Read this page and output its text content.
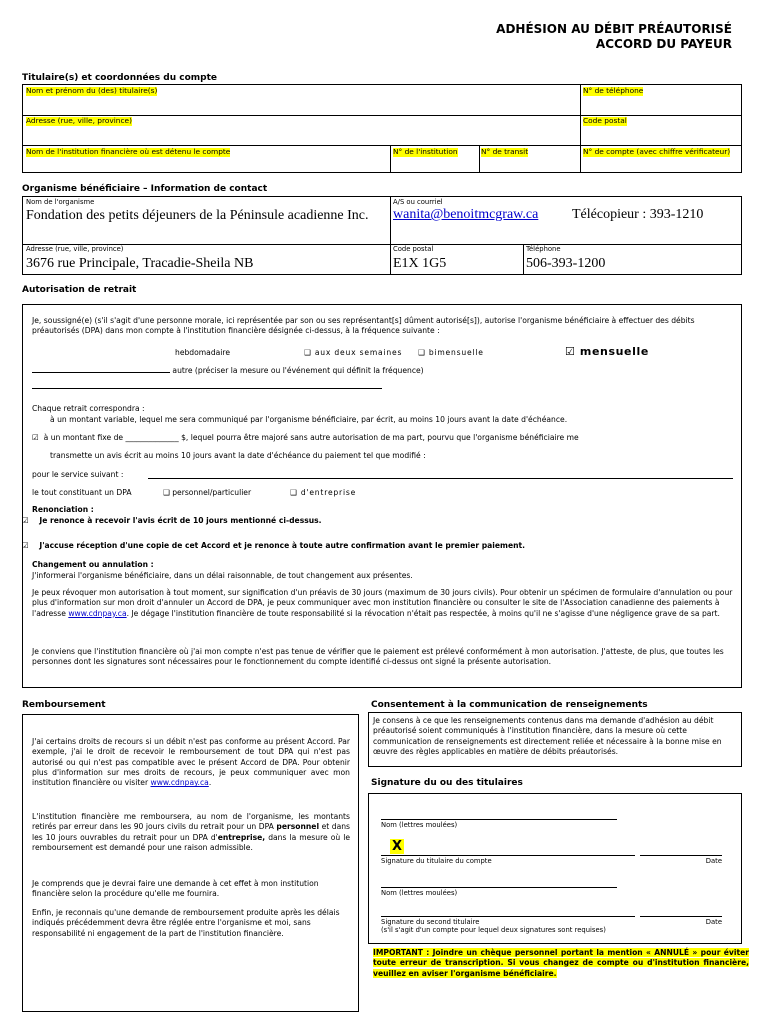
ADHÉSION AU DÉBIT PRÉAUTORISÉ
ACCORD DU PAYEUR
Titulaire(s) et coordonnées du compte
Nom et prénom du (des) titulaire(s)	N° de téléphone
Adresse (rue, ville, province)	Code postal
Nom de l'institution financière où est détenu le compte	N° de l'institution	N° de transit	N° de compte (avec chiffre vérificateur)
Organisme bénéficiaire – Information de contact
Nom de l'organisme
Fondation des petits déjeuners de la Péninsule acadienne Inc.
A/S ou courriel
wanita@benoitmcgraw.ca Télécopieur : 393-1210
Adresse (rue, ville, province)
3676 rue Principale, Tracadie-Sheila NB
Code postal
E1X 1G5
Téléphone
506-393-1200
Autorisation de retrait
Je, soussigné(e) (s'il s'agit d'une personne morale, ici représentée par son ou ses représentant[s] dûment autorisé[s]), autorise l'organisme bénéficiaire à effectuer des débits préautorisés (DPA) dans mon compte à l'institution financière désignée ci-dessus, à la fréquence suivante :
hebdomadaire	❑ aux deux semaines ❑ bimensuelle	☑ mensuelle
autre (préciser la mesure ou l'événement qui définit la fréquence)
Chaque retrait correspondra :
à un montant variable, lequel me sera communiqué par l'organisme bénéficiaire, par écrit, au moins 10 jours avant la date d'échéance.
☑ à un montant fixe de ______________ $, lequel pourra être majoré sans autre autorisation de ma part, pourvu que l'organisme bénéficiaire me
transmette un avis écrit au moins 10 jours avant la date d'échéance du paiement tel que modifié :
pour le service suivant :
le tout constituant un DPA	❑ personnel/particulier	❑ d'entreprise
Renonciation :
☑ Je renonce à recevoir l'avis écrit de 10 jours mentionné ci-dessus.
☑ J'accuse réception d'une copie de cet Accord et je renonce à toute autre confirmation avant le premier paiement.
Changement ou annulation :
J'informerai l'organisme bénéficiaire, dans un délai raisonnable, de tout changement aux présentes.
Je peux révoquer mon autorisation à tout moment, sur signification d'un préavis de 30 jours (maximum de 30 jours civils). Pour obtenir un spécimen de formulaire d'annulation ou pour plus d'information sur mon droit d'annuler un Accord de DPA, je peux communiquer avec mon institution financière ou consulter le site de l'Association canadienne des paiements à l'adresse www.cdnpay.ca. Je dégage l'institution financière de toute responsabilité si la révocation n'était pas respectée, à moins qu'il ne s'agisse d'une négligence grave de sa part.
Je conviens que l'institution financière où j'ai mon compte n'est pas tenue de vérifier que le paiement est prélevé conformément à mon autorisation. J'atteste, de plus, que toutes les personnes dont les signatures sont nécessaires pour le fonctionnement du compte identifié ci-dessus ont signé la présente autorisation.
Remboursement
J'ai certains droits de recours si un débit n'est pas conforme au présent Accord. Par exemple, j'ai le droit de recevoir le remboursement de tout DPA qui n'est pas autorisé ou qui n'est pas compatible avec le présent Accord de DPA. Pour obtenir plus d'information sur mes droits de recours, je peux communiquer avec mon institution financière ou visiter www.cdnpay.ca.
L'institution financière me remboursera, au nom de l'organisme, les montants retirés par erreur dans les 90 jours civils du retrait pour un DPA personnel et dans les 10 jours ouvrables du retrait pour un DPA d'entreprise, dans la mesure où le remboursement est demandé pour une raison admissible.
Je comprends que je devrai faire une demande à cet effet à mon institution financière selon la procédure qu'elle me fournira.
Enfin, je reconnais qu'une demande de remboursement produite après les délais indiqués précédemment devra être réglée entre l'organisme et moi, sans responsabilité ni engagement de la part de l'institution financière.
Consentement à la communication de renseignements
Je consens à ce que les renseignements contenus dans ma demande d'adhésion au débit préautorisé soient communiqués à l'institution financière, dans la mesure où cette communication de renseignements est directement reliée et nécessaire à la bonne mise en œuvre des règles applicables en matière de débits préautorisés.
Signature du ou des titulaires
Nom (lettres moulées)
X
Signature du titulaire du compte	Date
Nom (lettres moulées)
Signature du second titulaire
(s'il s'agit d'un compte pour lequel deux signatures sont requises)
Date
IMPORTANT : Joindre un chèque personnel portant la mention « ANNULÉ » pour éviter toute erreur de transcription. Si vous changez de compte ou d'institution financière, veuillez en aviser l'organisme bénéficiaire.
